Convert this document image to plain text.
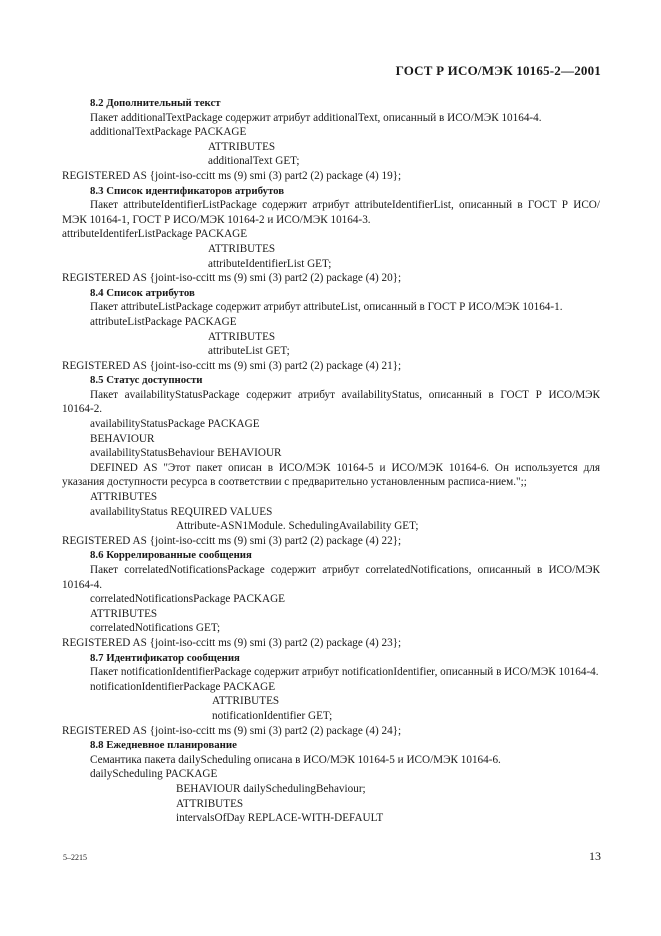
ГОСТ Р ИСО/МЭК 10165-2—2001
8.2 Дополнительный текст
Пакет additionalTextPackage содержит атрибут additionalText, описанный в ИСО/МЭК 10164-4.
additionalTextPackage PACKAGE
ATTRIBUTES
additionalText GET;
REGISTERED AS {joint-iso-ccitt ms (9) smi (3) part2 (2) package (4) 19};
8.3 Список идентификаторов атрибутов
Пакет attributeIdentifierListPackage содержит атрибут attributeIdentifierList, описанный в ГОСТ Р ИСО/МЭК 10164-1, ГОСТ Р ИСО/МЭК 10164-2 и ИСО/МЭК 10164-3.
attributeIdentiferListPackage PACKAGE
ATTRIBUTES
attributeIdentifierList GET;
REGISTERED AS {joint-iso-ccitt ms (9) smi (3) part2 (2) package (4) 20};
8.4 Список атрибутов
Пакет attributeListPackage содержит атрибут attributeList, описанный в ГОСТ Р ИСО/МЭК 10164-1.
attributeListPackage PACKAGE
ATTRIBUTES
attributeList GET;
REGISTERED AS {joint-iso-ccitt ms (9) smi (3) part2 (2) package (4) 21};
8.5 Статус доступности
Пакет availabilityStatusPackage содержит атрибут availabilityStatus, описанный в ГОСТ Р ИСО/МЭК 10164-2.
availabilityStatusPackage PACKAGE
BEHAVIOUR
availabilityStatusBehaviour BEHAVIOUR
DEFINED AS "Этот пакет описан в ИСО/МЭК 10164-5 и ИСО/МЭК 10164-6. Он используется для указания доступности ресурса в соответствии с предварительно установленным расписа-нием.";;
ATTRIBUTES
availabilityStatus REQUIRED VALUES
Attribute-ASN1Module. SchedulingAvailability GET;
REGISTERED AS {joint-iso-ccitt ms (9) smi (3) part2 (2) package (4) 22};
8.6 Коррелированные сообщения
Пакет correlatedNotificationsPackage содержит атрибут correlatedNotifications, описанный в ИСО/МЭК 10164-4.
correlatedNotificationsPackage PACKAGE
ATTRIBUTES
correlatedNotifications GET;
REGISTERED AS {joint-iso-ccitt ms (9) smi (3) part2 (2) package (4) 23};
8.7 Идентификатор сообщения
Пакет notificationIdentifierPackage содержит атрибут notificationIdentifier, описанный в ИСО/МЭК 10164-4.
notificationIdentifierPackage PACKAGE
ATTRIBUTES
notificationIdentifier GET;
REGISTERED AS {joint-iso-ccitt ms (9) smi (3) part2 (2) package (4) 24};
8.8 Ежедневное планирование
Семантика пакета dailyScheduling описана в ИСО/МЭК 10164-5 и ИСО/МЭК 10164-6.
dailyScheduling PACKAGE
BEHAVIOUR dailySchedulingBehaviour;
ATTRIBUTES
intervalsOfDay REPLACE-WITH-DEFAULT
5–2215	13
